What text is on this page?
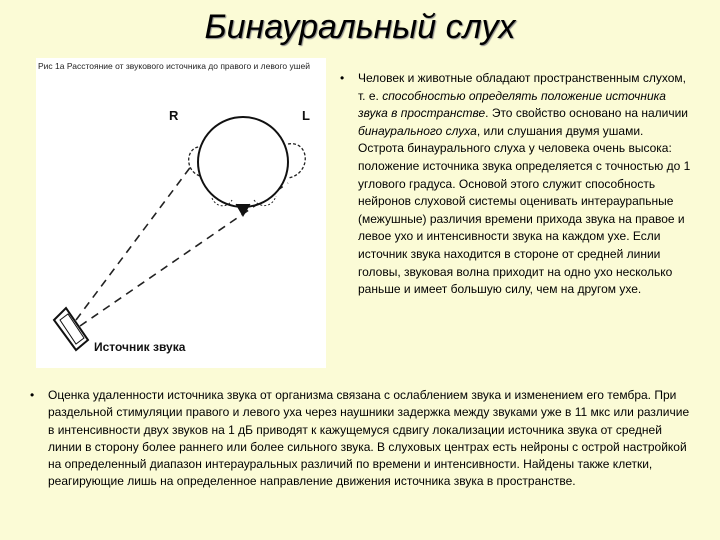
Бинауральный слух
Рис 1а Расстояние от звукового источника до правого и левого ушей
R	L
Источник звука
• Человек и животные обладают пространственным слухом, т. е. способностью определять положение источника звука в пространстве. Это свойство основано на наличии бинаурального слуха, или слушания двумя ушами. Острота бинаурального слуха у человека очень высока: положение источника звука определяется с точностью до 1 углового градуса. Основой этого служит способность нейронов слуховой системы оценивать интераурапьные (межушные) различия времени прихода звука на правое и левое ухо и интенсивности звука на каждом ухе. Если источник звука находится в стороне от средней линии головы, звуковая волна приходит на одно ухо несколько раньше и имеет большую силу, чем на другом ухе.
• Оценка удаленности источника звука от организма связана с ослаблением звука и изменением его тембра. При раздельной стимуляции правого и левого уха через наушники задержка между звуками уже в 11 мкс или различие в интенсивности двух звуков на 1 дБ приводят к кажущемуся сдвигу локализации источника звука от средней линии в сторону более раннего или более сильного звука. В слуховых центрах есть нейроны с острой настройкой на определенный диапазон интерауральных различий по времени и интенсивности. Найдены также клетки, реагирующие лишь на определенное направление движения источника звука в пространстве.
